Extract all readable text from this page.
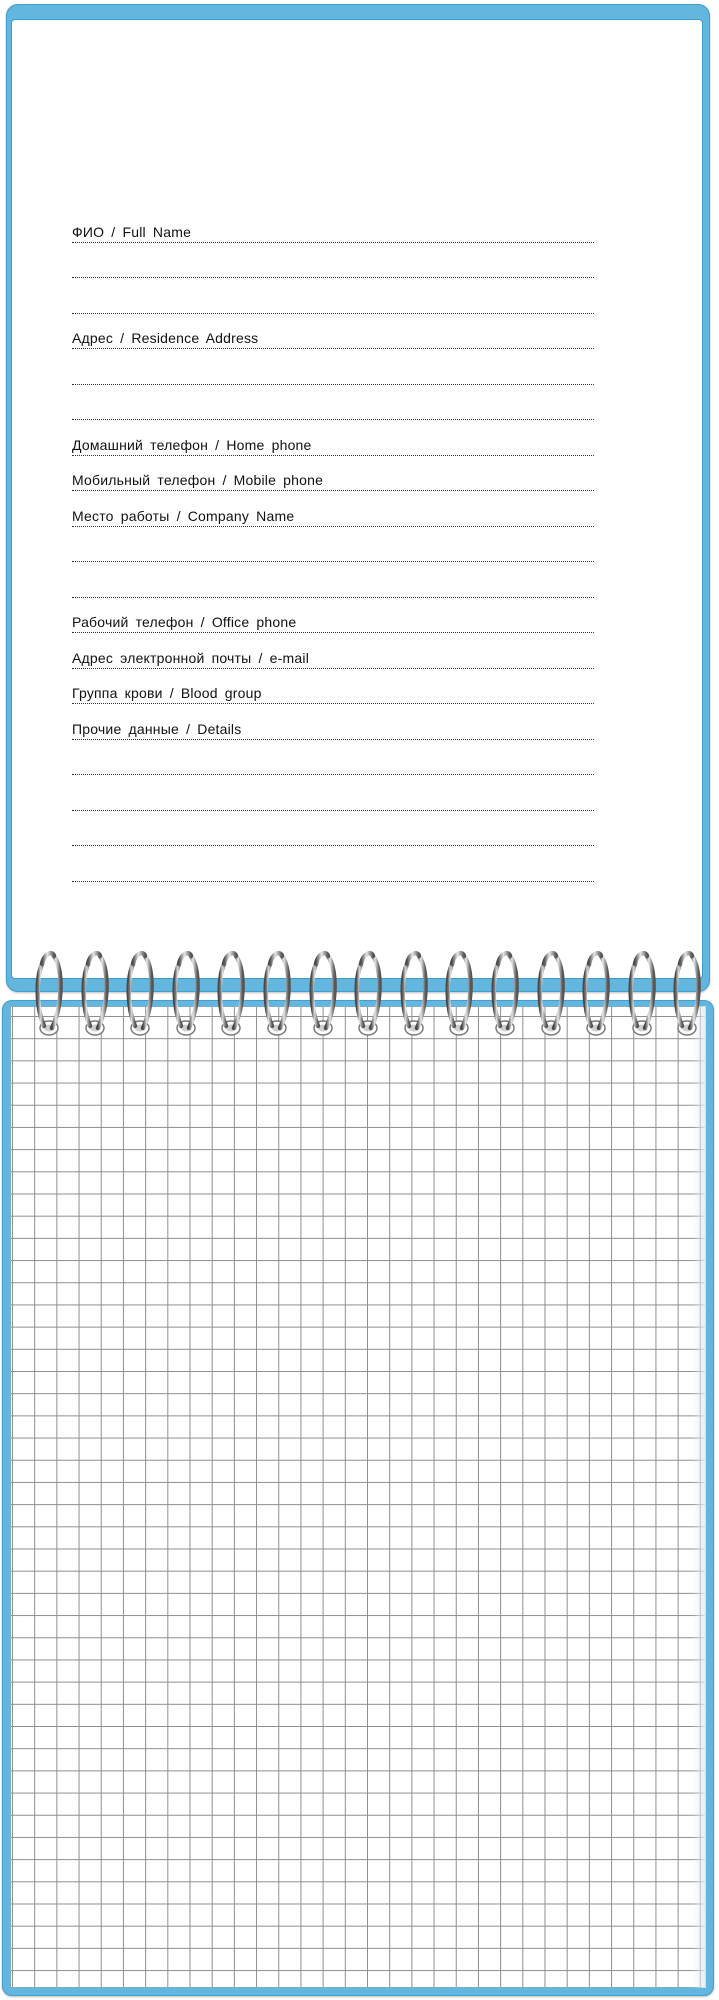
ФИО / Full Name
Адрес / Residence Address
Домашний телефон / Home phone
Мобильный телефон / Mobile phone
Место работы / Company Name
Рабочий телефон / Office phone
Адрес электронной почты / e-mail
Группа крови / Blood group
Прочие данные / Details
